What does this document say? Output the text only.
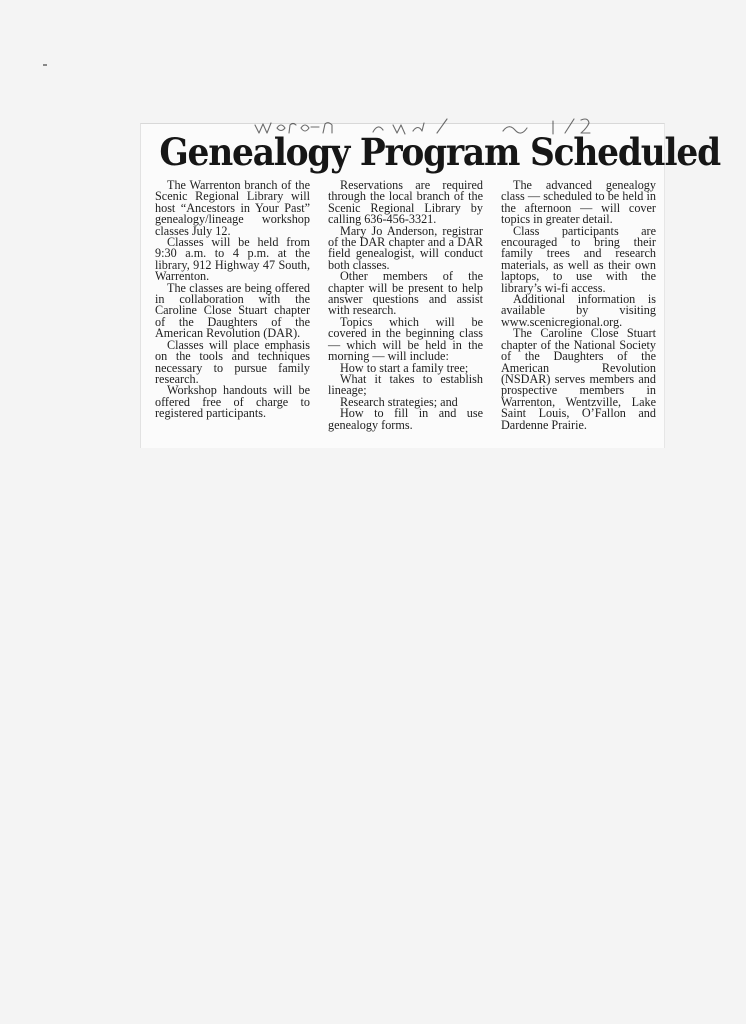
Genealogy Program Scheduled

The Warrenton branch of the Scenic Regional Library will host “Ancestors in Your Past” genealogy/lineage workshop classes July 12.

Classes will be held from 9:30 a.m. to 4 p.m. at the library, 912 Highway 47 South, Warrenton.

The classes are being offered in collaboration with the Caroline Close Stuart chapter of the Daughters of the American Revolution (DAR).

Classes will place emphasis on the tools and techniques necessary to pursue family research.

Workshop handouts will be offered free of charge to registered participants.

Reservations are required through the local branch of the Scenic Regional Library by calling 636-456-3321.

Mary Jo Anderson, registrar of the DAR chapter and a DAR field genealogist, will conduct both classes.

Other members of the chapter will be present to help answer questions and assist with research.

Topics which will be covered in the beginning class — which will be held in the morning — will include:

How to start a family tree;

What it takes to establish lineage;

Research strategies; and

How to fill in and use genealogy forms.

The advanced genealogy class — scheduled to be held in the afternoon — will cover topics in greater detail.

Class participants are encouraged to bring their family trees and research materials, as well as their own laptops, to use with the library’s wi-fi access.

Additional information is available by visiting www.scenicregional.org.

The Caroline Close Stuart chapter of the National Society of the Daughters of the American Revolution (NSDAR) serves members and prospective members in Warrenton, Wentzville, Lake Saint Louis, O’Fallon and Dardenne Prairie.
